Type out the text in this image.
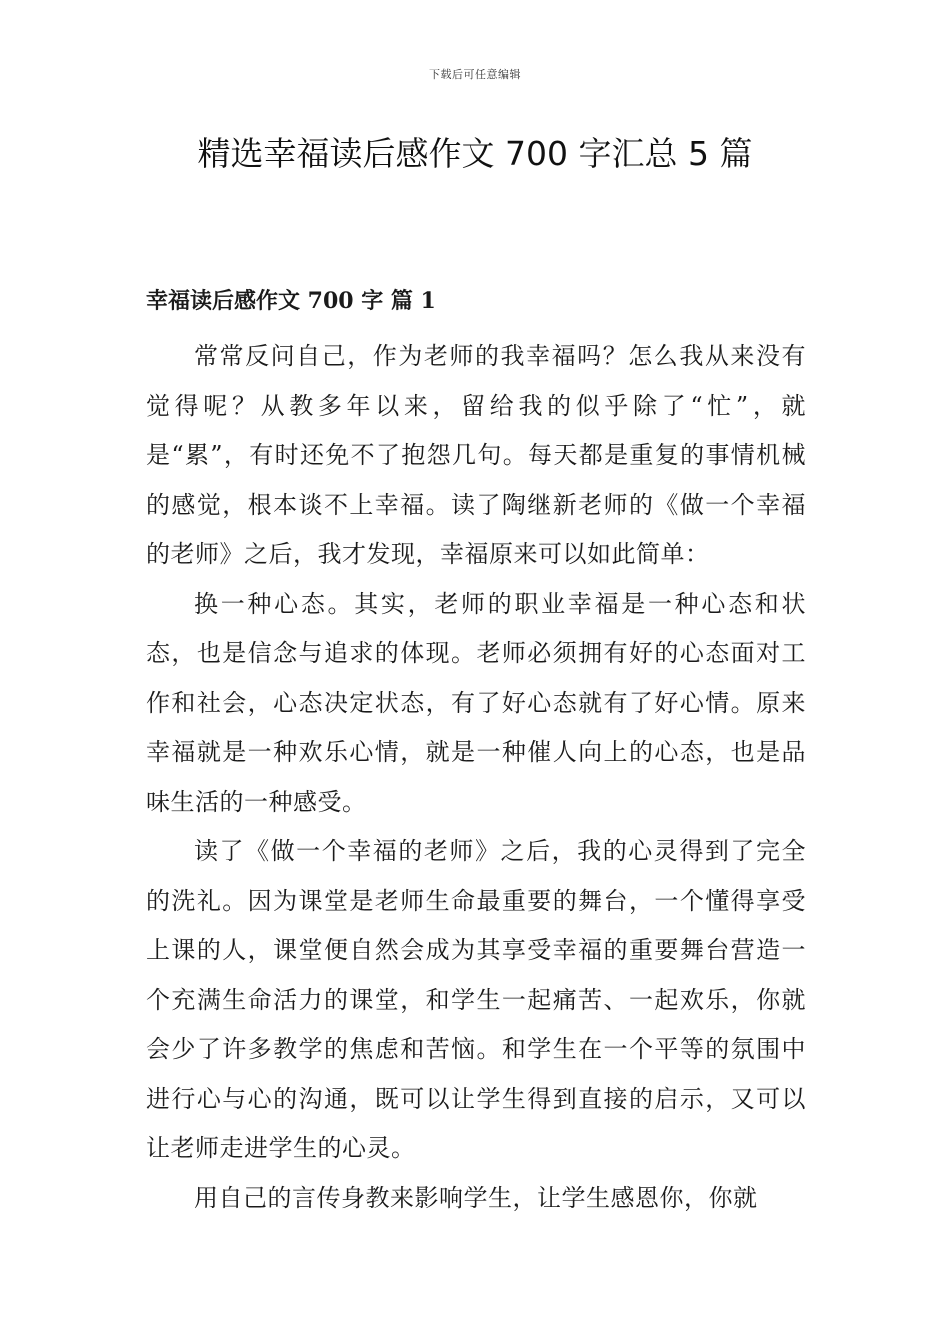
下载后可任意编辑
精选幸福读后感作文 700 字汇总 5 篇
幸福读后感作文 700 字 篇 1

常常反问自己，作为老师的我幸福吗？怎么我从来没有觉得呢？从教多年以来，留给我的似乎除了“忙”，就是“累”，有时还免不了抱怨几句。每天都是重复的事情机械的感觉，根本谈不上幸福。读了陶继新老师的《做一个幸福的老师》之后，我才发现，幸福原来可以如此简单：

换一种心态。其实，老师的职业幸福是一种心态和状态，也是信念与追求的体现。老师必须拥有好的心态面对工作和社会，心态决定状态，有了好心态就有了好心情。原来幸福就是一种欢乐心情，就是一种催人向上的心态，也是品味生活的一种感受。

读了《做一个幸福的老师》之后，我的心灵得到了完全的洗礼。因为课堂是老师生命最重要的舞台，一个懂得享受上课的人，课堂便自然会成为其享受幸福的重要舞台营造一个充满生命活力的课堂，和学生一起痛苦、一起欢乐，你就会少了许多教学的焦虑和苦恼。和学生在一个平等的氛围中进行心与心的沟通，既可以让学生得到直接的启示，又可以让老师走进学生的心灵。

用自己的言传身教来影响学生，让学生感恩你，你就
